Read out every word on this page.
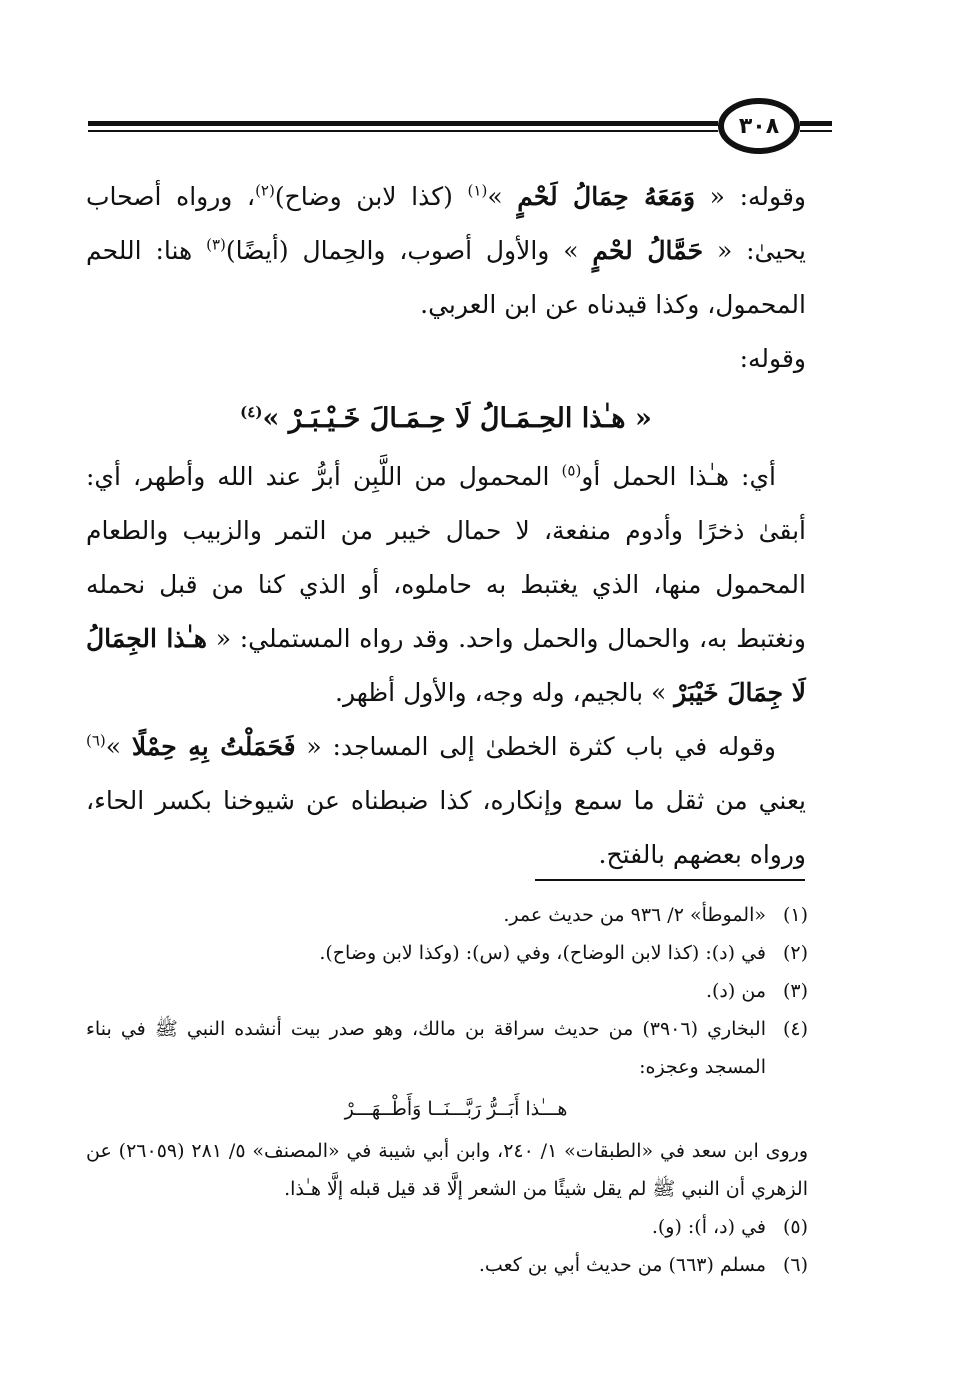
٣٠٨

وقوله: « وَمَعَهُ حِمَالُ لَحْمٍ »$^{(١)}$ (كذا لابن وضاح)$^{(٢)}$، ورواه أصحاب يحيىٰ: « حَمَّالُ لحْمٍ » والأول أصوب، والحِمال (أيضًا)$^{(٣)}$ هنا: اللحم المحمول، وكذا قيدناه عن ابن العربي.

وقوله:

« هـٰذا الحِـمَـالُ لَا حِـمَـالَ خَـيْـبَـرْ »$^{(٤)}$

أي: هـٰذا الحمل أو$^{(٥)}$ المحمول من اللَّبِن أبرُّ عند الله وأطهر، أي: أبقىٰ ذخرًا وأدوم منفعة، لا حمال خيبر من التمر والزبيب والطعام المحمول منها، الذي يغتبط به حاملوه، أو الذي كنا من قبل نحمله ونغتبط به، والحمال والحمل واحد. وقد رواه المستملي: « هـٰذا الجِمَالُ لَا جِمَالَ خَيْبَرْ » بالجيم، وله وجه، والأول أظهر.

وقوله في باب كثرة الخطىٰ إلى المساجد: « فَحَمَلْتُ بِهِ حِمْلًا »$^{(٦)}$ يعني من ثقل ما سمع وإنكاره، كذا ضبطناه عن شيوخنا بكسر الحاء، ورواه بعضهم بالفتح.

(١)
«الموطأ» ٢/ ٩٣٦ من حديث عمر.
(٢)
في (د): (كذا لابن الوضاح)، وفي (س): (وكذا لابن وضاح).
(٣)
من (د).
(٤)
البخاري (٣٩٠٦) من حديث سراقة بن مالك، وهو صدر بيت أنشده النبي ﷺ في بناء المسجد وعجزه:
هـــٰذا أَبَــرُّ رَبَّـــنَــا وَأَطْــهَـــرْ
وروى ابن سعد في «الطبقات» ١/ ٢٤٠، وابن أبي شيبة في «المصنف» ٥/ ٢٨١ (٢٦٠٥٩) عن الزهري أن النبي ﷺ لم يقل شيئًا من الشعر إلَّا قد قيل قبله إلَّا هـٰذا.
(٥)
في (د، أ): (و).
(٦)
مسلم (٦٦٣) من حديث أبي بن كعب.
